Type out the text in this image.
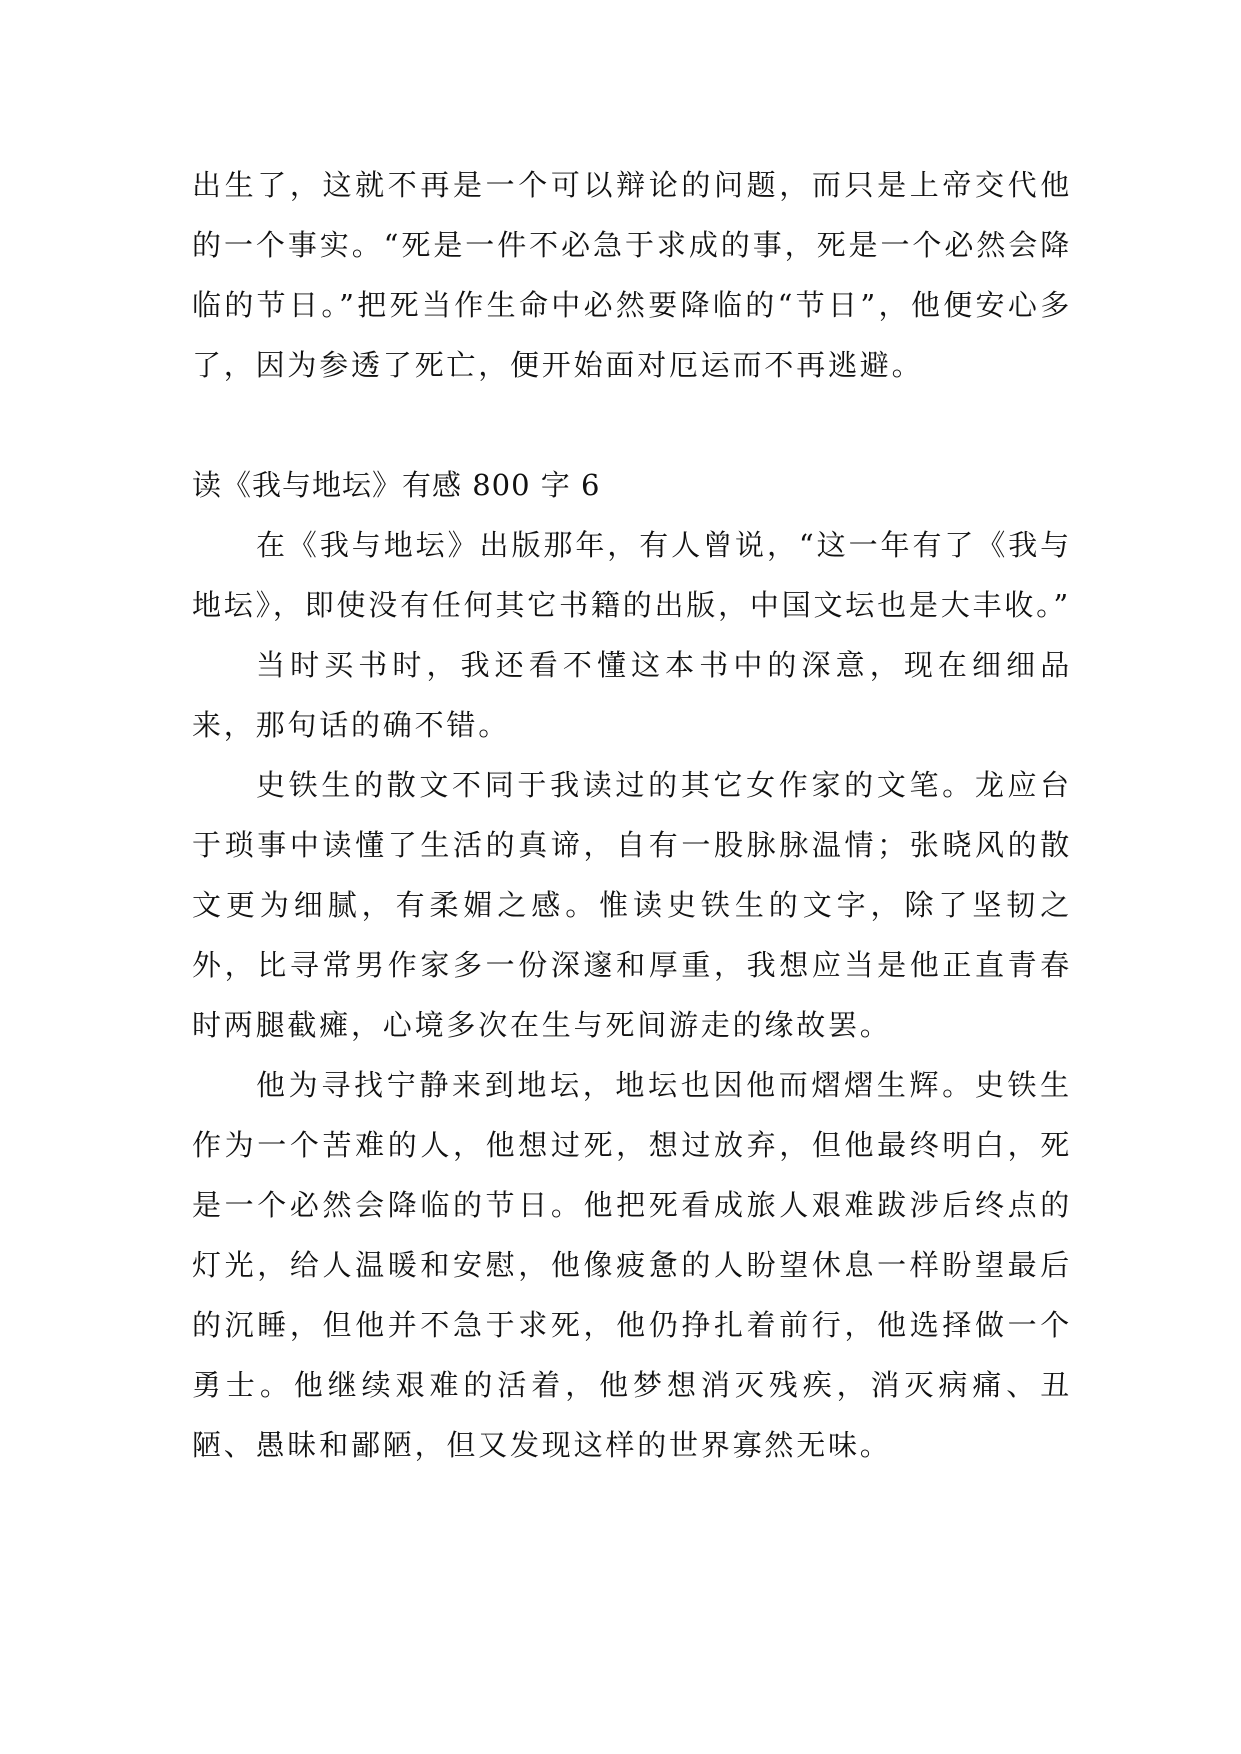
出生了，这就不再是一个可以辩论的问题，而只是上帝交代他的一个事实。“死是一件不必急于求成的事，死是一个必然会降临的节日。”把死当作生命中必然要降临的“节日”，他便安心多了，因为参透了死亡，便开始面对厄运而不再逃避。

读《我与地坛》有感 800 字 6

在《我与地坛》出版那年，有人曾说，“这一年有了《我与地坛》，即使没有任何其它书籍的出版，中国文坛也是大丰收。”

当时买书时，我还看不懂这本书中的深意，现在细细品来，那句话的确不错。

史铁生的散文不同于我读过的其它女作家的文笔。龙应台于琐事中读懂了生活的真谛，自有一股脉脉温情；张晓风的散文更为细腻，有柔媚之感。惟读史铁生的文字，除了坚韧之外，比寻常男作家多一份深邃和厚重，我想应当是他正直青春时两腿截瘫，心境多次在生与死间游走的缘故罢。

他为寻找宁静来到地坛，地坛也因他而熠熠生辉。史铁生作为一个苦难的人，他想过死，想过放弃，但他最终明白，死是一个必然会降临的节日。他把死看成旅人艰难跋涉后终点的灯光，给人温暖和安慰，他像疲惫的人盼望休息一样盼望最后的沉睡，但他并不急于求死，他仍挣扎着前行，他选择做一个勇士。他继续艰难的活着，他梦想消灭残疾，消灭病痛、丑陋、愚昧和鄙陋，但又发现这样的世界寡然无味。
